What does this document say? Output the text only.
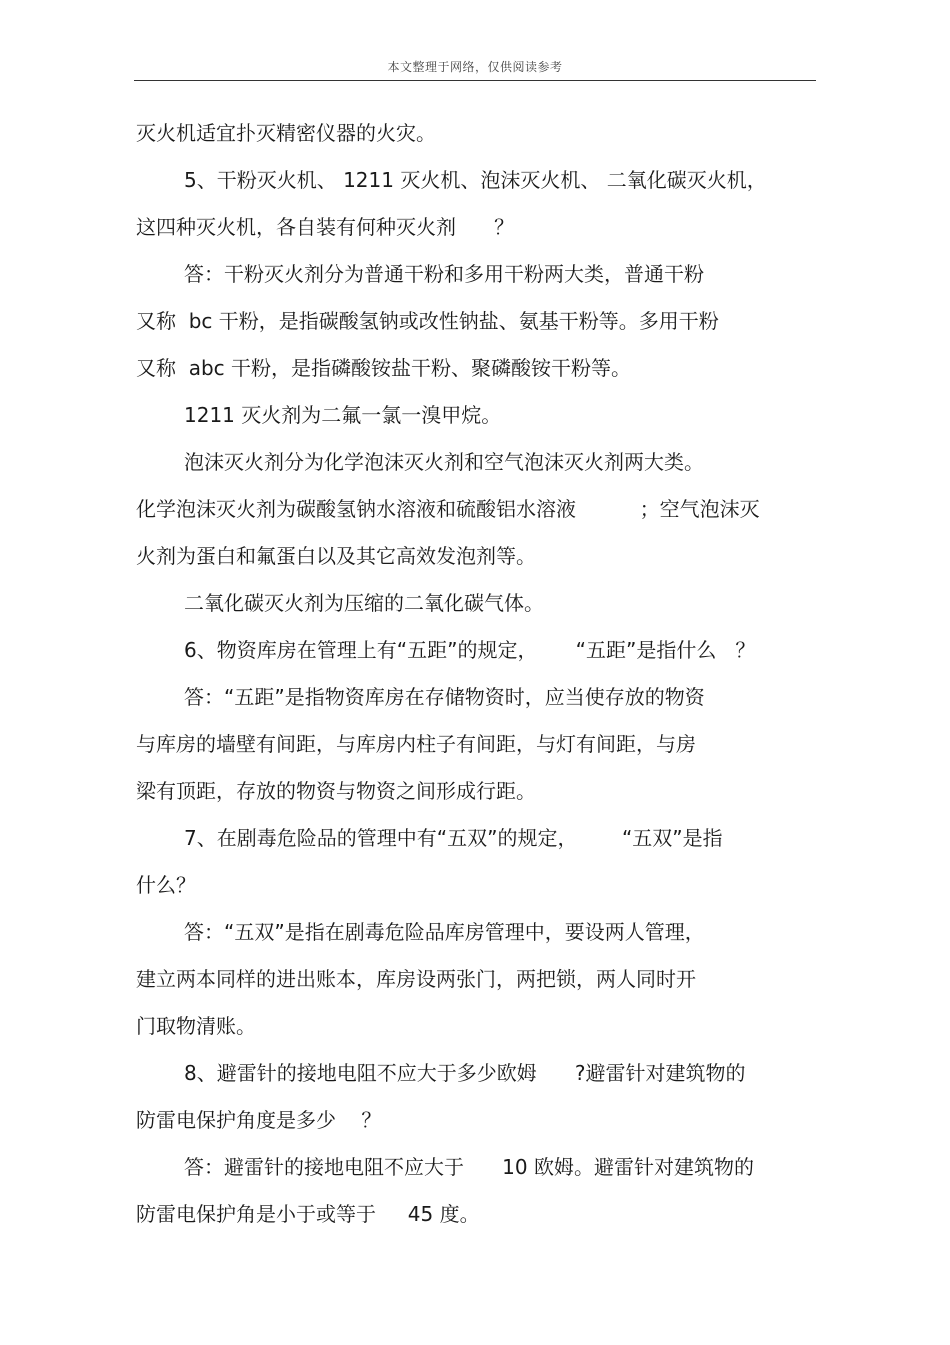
本文整理于网络，仅供阅读参考
灭火机适宜扑灭精密仪器的火灾。
5、干粉灭火机、 1211 灭火机、泡沫灭火机、 二氧化碳灭火机，
这四种灭火机，各自装有何种灭火剂      ？
答：干粉灭火剂分为普通干粉和多用干粉两大类，普通干粉
又称  bc 干粉，是指碳酸氢钠或改性钠盐、氨基干粉等。多用干粉
又称  abc 干粉，是指磷酸铵盐干粉、聚磷酸铵干粉等。
1211 灭火剂为二氟一氯一溴甲烷。
泡沫灭火剂分为化学泡沫灭火剂和空气泡沫灭火剂两大类。
化学泡沫灭火剂为碳酸氢钠水溶液和硫酸铝水溶液          ；空气泡沫灭
火剂为蛋白和氟蛋白以及其它高效发泡剂等。
二氧化碳灭火剂为压缩的二氧化碳气体。
6、物资库房在管理上有“五距”的规定，      “五距”是指什么   ？
答：“五距”是指物资库房在存储物资时，应当使存放的物资
与库房的墙壁有间距，与库房内柱子有间距，与灯有间距，与房
梁有顶距，存放的物资与物资之间形成行距。
7、在剧毒危险品的管理中有“五双”的规定，       “五双”是指
什么？
答：“五双”是指在剧毒危险品库房管理中，要设两人管理，
建立两本同样的进出账本，库房设两张门，两把锁，两人同时开
门取物清账。
8、避雷针的接地电阻不应大于多少欧姆      ?避雷针对建筑物的
防雷电保护角度是多少    ？
答：避雷针的接地电阻不应大于      10 欧姆。避雷针对建筑物的
防雷电保护角是小于或等于     45 度。
